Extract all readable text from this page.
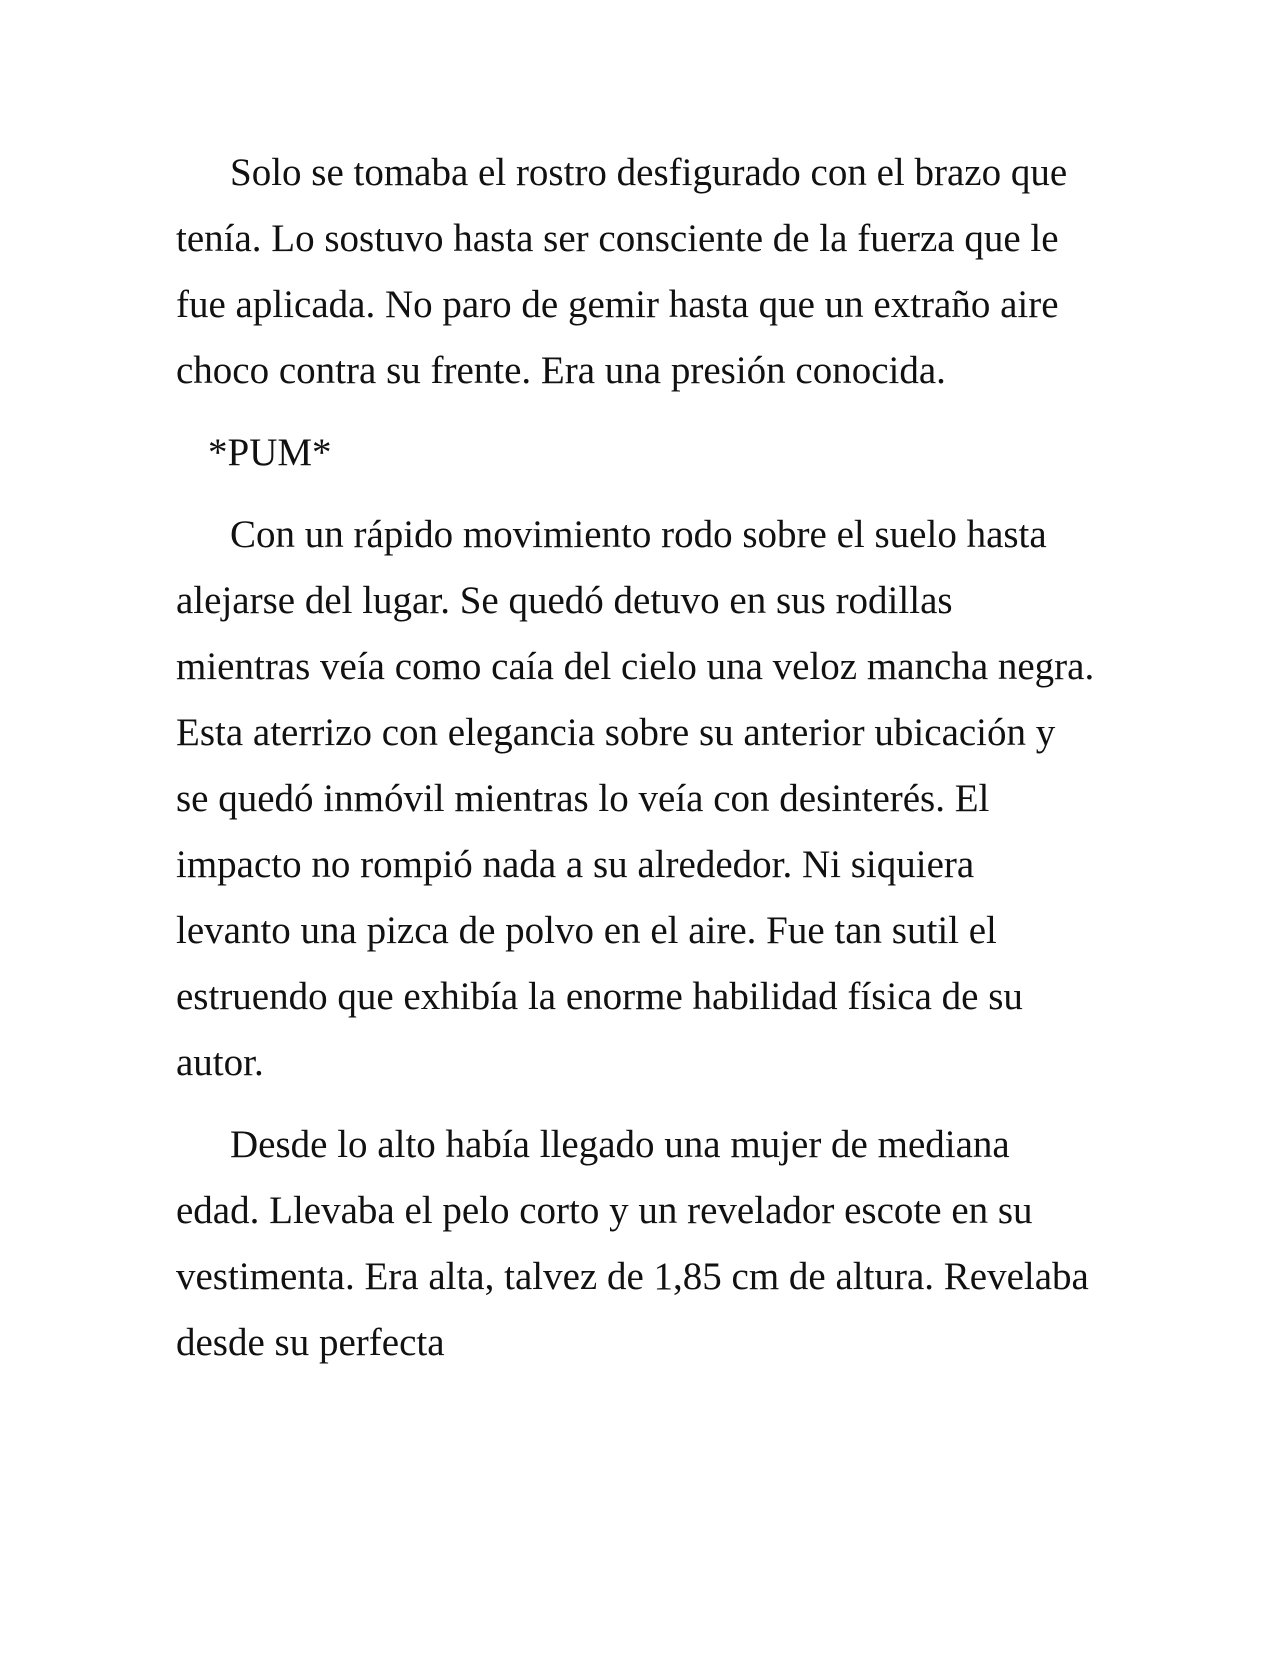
Solo se tomaba el rostro desfigurado con el brazo que tenía. Lo sostuvo hasta ser consciente de la fuerza que le fue aplicada. No paro de gemir hasta que un extraño aire choco contra su frente. Era una presión conocida.

*PUM*

Con un rápido movimiento rodo sobre el suelo hasta alejarse del lugar. Se quedó detuvo en sus rodillas mientras veía como caía del cielo una veloz mancha negra. Esta aterrizo con elegancia sobre su anterior ubicación y se quedó inmóvil mientras lo veía con desinterés. El impacto no rompió nada a su alrededor. Ni siquiera levanto una pizca de polvo en el aire. Fue tan sutil el estruendo que exhibía la enorme habilidad física de su autor.

Desde lo alto había llegado una mujer de mediana edad. Llevaba el pelo corto y un revelador escote en su vestimenta. Era alta, talvez de 1,85 cm de altura. Revelaba desde su perfecta
